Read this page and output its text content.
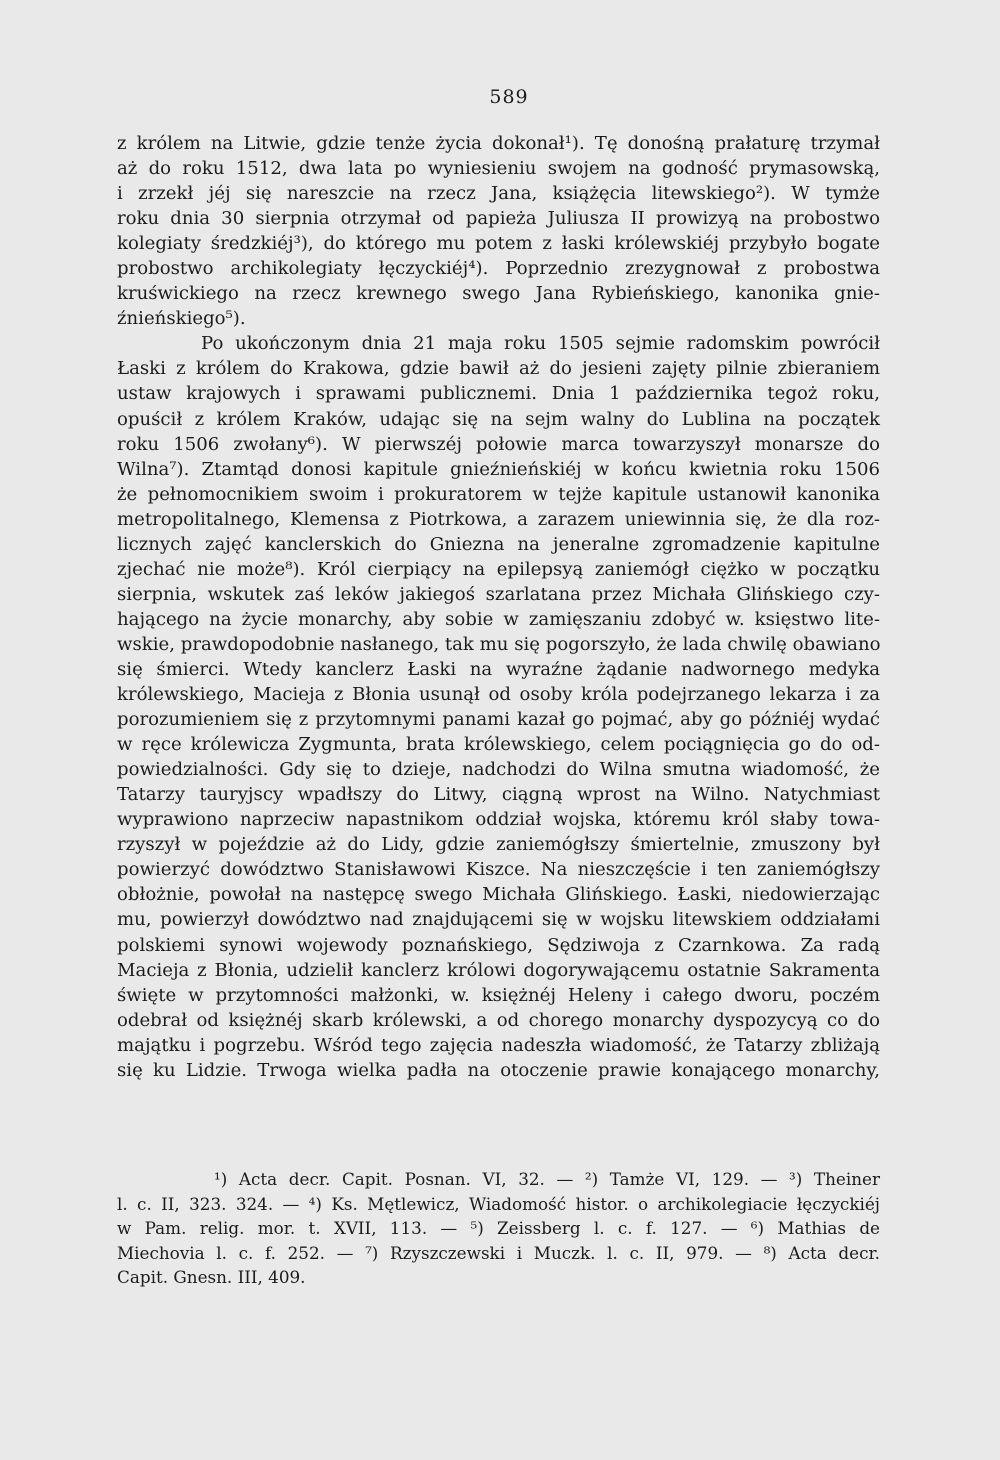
589
z królem na Litwie, gdzie tenże życia dokonał¹). Tę donośną prałaturę trzymał
aż do roku 1512, dwa lata po wyniesieniu swojem na godność prymasowską,
i zrzekł jéj się nareszcie na rzecz Jana, książęcia litewskiego²). W tymże
roku dnia 30 sierpnia otrzymał od papieża Juliusza II prowizyą na probostwo
kolegiaty średzkiéj³), do którego mu potem z łaski królewskiéj przybyło bogate
probostwo archikolegiaty łęczyckiéj⁴). Poprzednio zrezygnował z probostwa
kruświckiego na rzecz krewnego swego Jana Rybieńskiego, kanonika gnie-
źnieńskiego⁵).
Po ukończonym dnia 21 maja roku 1505 sejmie radomskim powrócił
Łaski z królem do Krakowa, gdzie bawił aż do jesieni zajęty pilnie zbieraniem
ustaw krajowych i sprawami publicznemi. Dnia 1 października tegoż roku,
opuścił z królem Kraków, udając się na sejm walny do Lublina na początek
roku 1506 zwołany⁶). W pierwszéj połowie marca towarzyszył monarsze do
Wilna⁷). Ztamtąd donosi kapitule gnieźnieńskiéj w końcu kwietnia roku 1506
że pełnomocnikiem swoim i prokuratorem w tejże kapitule ustanowił kanonika
metropolitalnego, Klemensa z Piotrkowa, a zarazem uniewinnia się, że dla roz-
licznych zajęć kanclerskich do Gniezna na jeneralne zgromadzenie kapitulne
zjechać nie może⁸). Król cierpiący na epilepsyą zaniemógł ciężko w początku
sierpnia, wskutek zaś leków jakiegoś szarlatana przez Michała Glińskiego czy-
hającego na życie monarchy, aby sobie w zamięszaniu zdobyć w. księstwo lite-
wskie, prawdopodobnie nasłanego, tak mu się pogorszyło, że lada chwilę obawiano
się śmierci. Wtedy kanclerz Łaski na wyraźne żądanie nadwornego medyka
królewskiego, Macieja z Błonia usunął od osoby króla podejrzanego lekarza i za
porozumieniem się z przytomnymi panami kazał go pojmać, aby go późniéj wydać
w ręce królewicza Zygmunta, brata królewskiego, celem pociągnięcia go do od-
powiedzialności. Gdy się to dzieje, nadchodzi do Wilna smutna wiadomość, że
Tatarzy tauryjscy wpadłszy do Litwy, ciągną wprost na Wilno. Natychmiast
wyprawiono naprzeciw napastnikom oddział wojska, któremu król słaby towa-
rzyszył w pojeździe aż do Lidy, gdzie zaniemógłszy śmiertelnie, zmuszony był
powierzyć dowództwo Stanisławowi Kiszce. Na nieszczęście i ten zaniemógłszy
obłożnie, powołał na następcę swego Michała Glińskiego. Łaski, niedowierzając
mu, powierzył dowództwo nad znajdującemi się w wojsku litewskiem oddziałami
polskiemi synowi wojewody poznańskiego, Sędziwoja z Czarnkowa. Za radą
Macieja z Błonia, udzielił kanclerz królowi dogorywającemu ostatnie Sakramenta
święte w przytomności małżonki, w. księżnéj Heleny i całego dworu, poczém
odebrał od księżnéj skarb królewski, a od chorego monarchy dyspozycyą co do
majątku i pogrzebu. Wśród tego zajęcia nadeszła wiadomość, że Tatarzy zbliżają
się ku Lidzie. Trwoga wielka padła na otoczenie prawie konającego monarchy,
¹) Acta decr. Capit. Posnan. VI, 32. — ²) Tamże VI, 129. — ³) Theiner
l. c. II, 323. 324. — ⁴) Ks. Mętlewicz, Wiadomość histor. o archikolegiacie łęczyckiéj
w Pam. relig. mor. t. XVII, 113. — ⁵) Zeissberg l. c. f. 127. — ⁶) Mathias de
Miechovia l. c. f. 252. — ⁷) Rzyszczewski i Muczk. l. c. II, 979. — ⁸) Acta decr.
Capit. Gnesn. III, 409.
